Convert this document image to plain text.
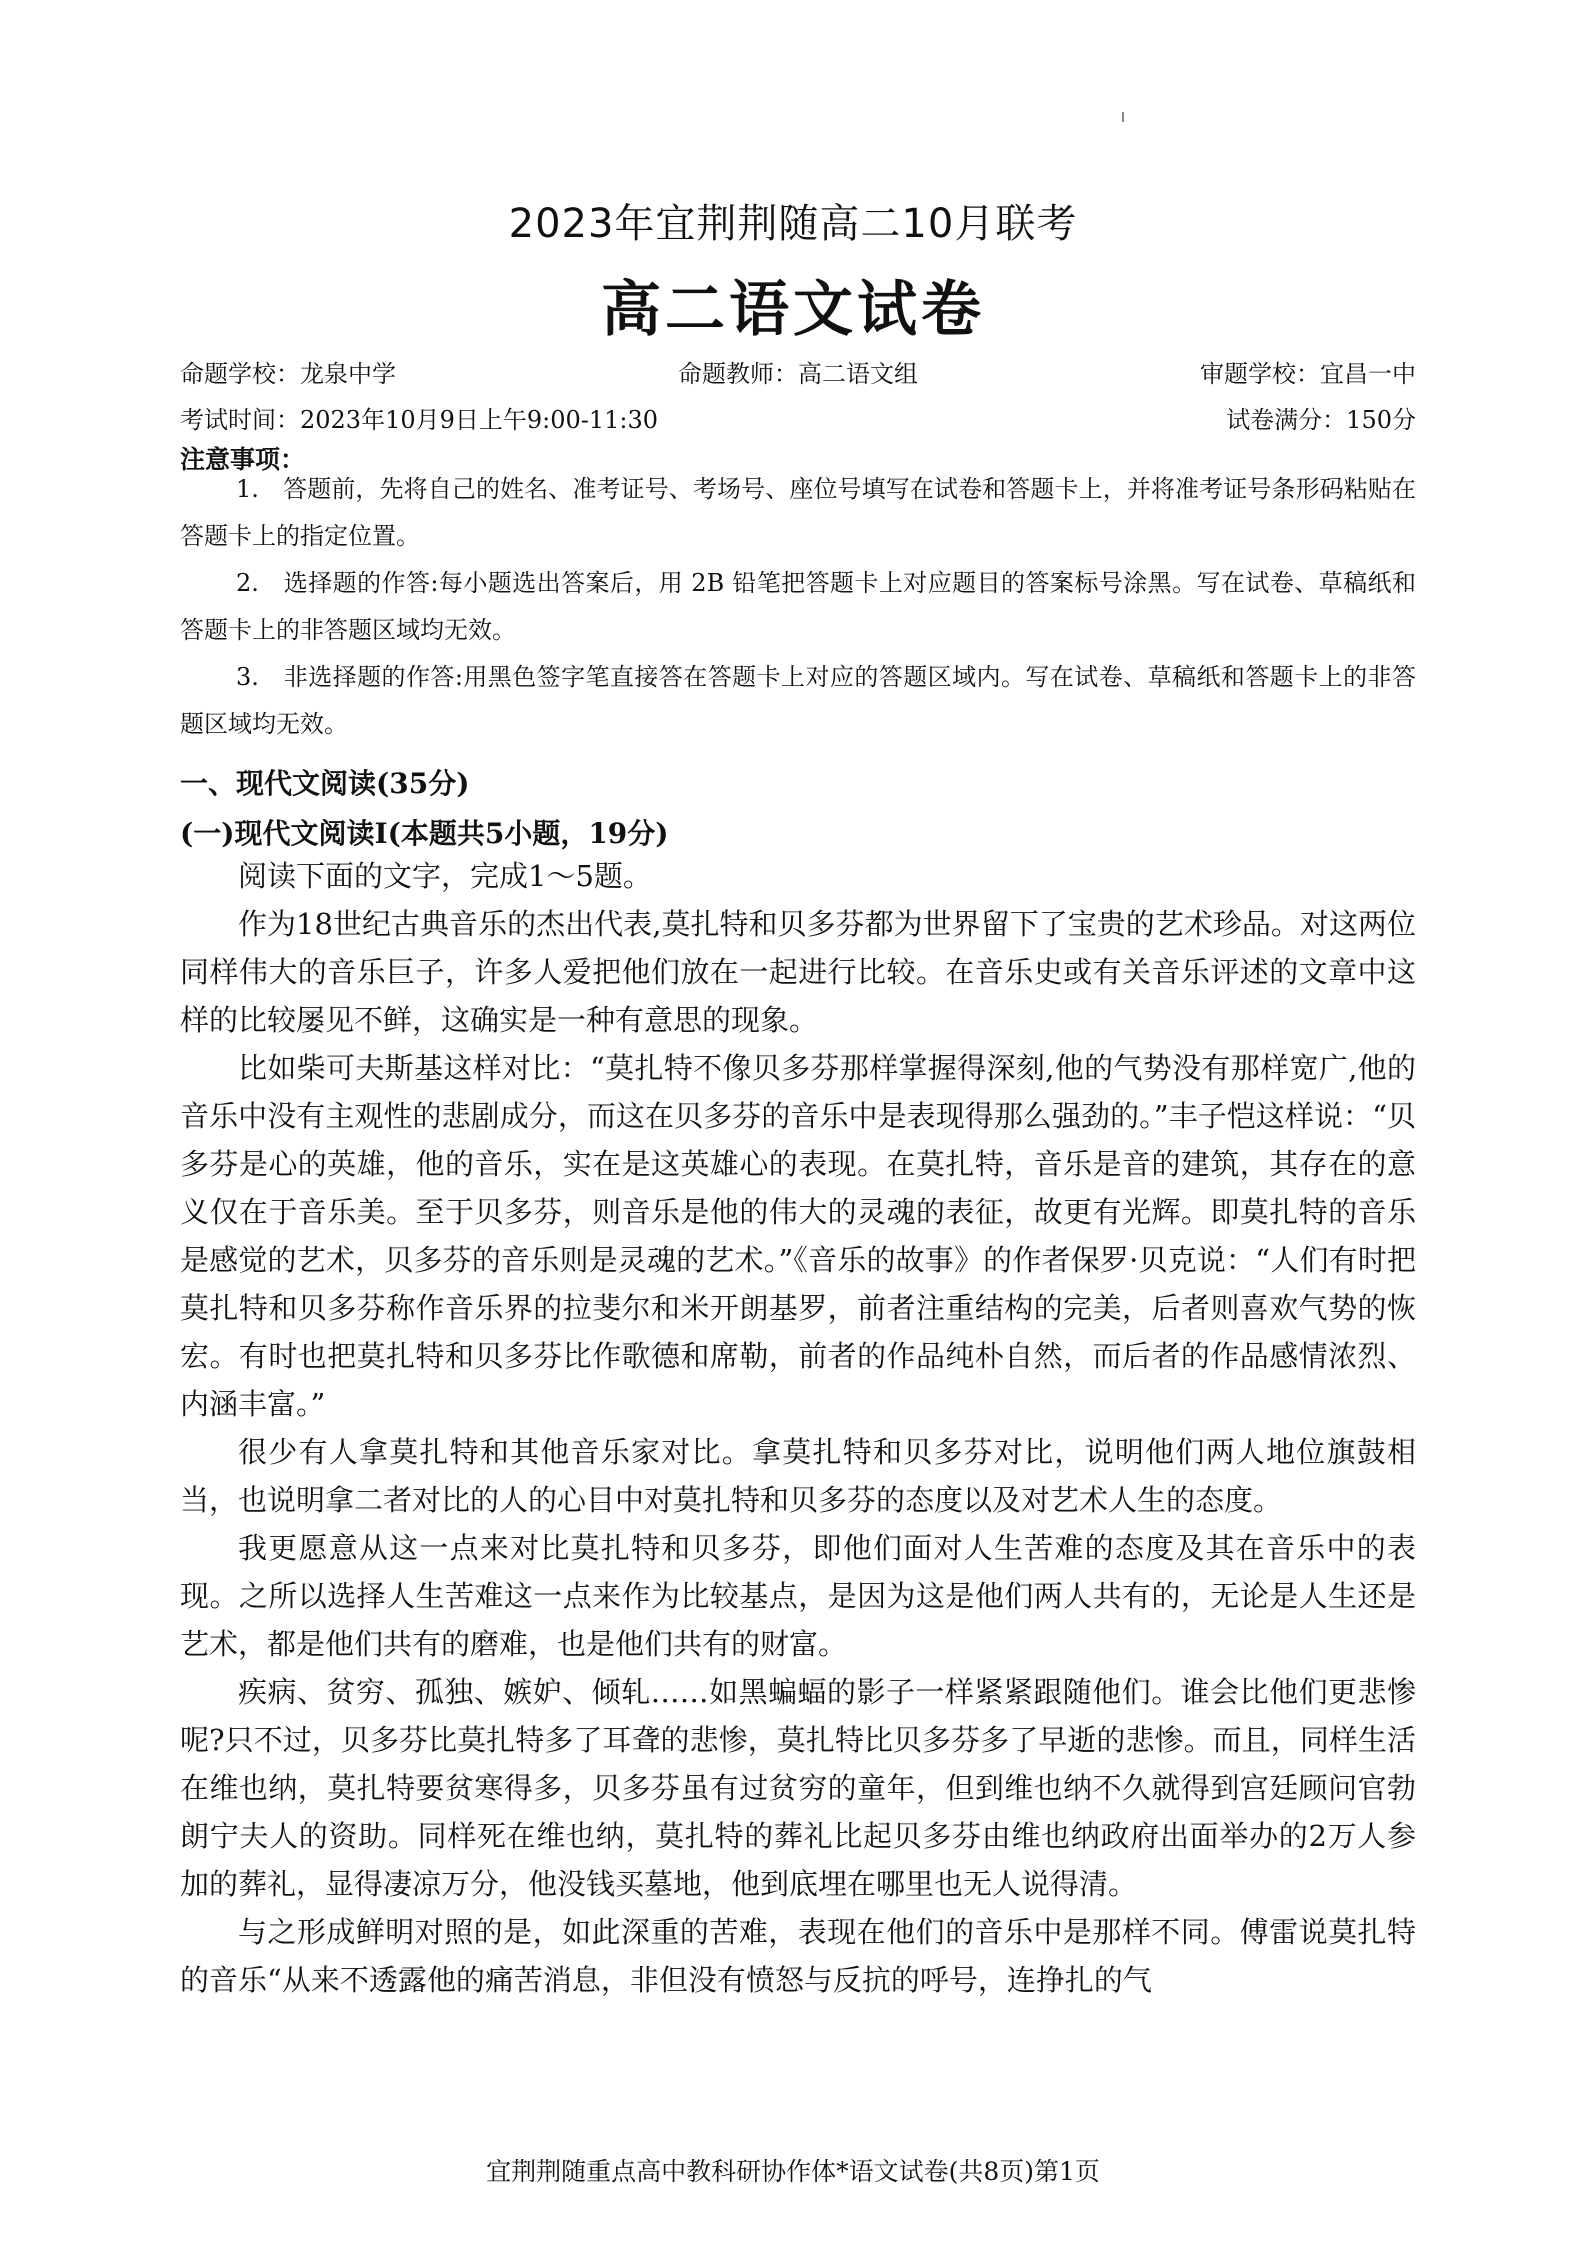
2023年宜荆荆随高二10月联考
高二语文试卷
命题学校：龙泉中学	命题教师：高二语文组	审题学校：宜昌一中
考试时间：2023年10月9日上午9:00-11:30	试卷满分：150分
注意事项：
1.　答题前，先将自己的姓名、准考证号、考场号、座位号填写在试卷和答题卡上，并将准考证号条形码粘贴在答题卡上的指定位置。
2.　选择题的作答:每小题选出答案后，用 2B 铅笔把答题卡上对应题目的答案标号涂黑。写在试卷、草稿纸和答题卡上的非答题区域均无效。
3.　非选择题的作答:用黑色签字笔直接答在答题卡上对应的答题区域内。写在试卷、草稿纸和答题卡上的非答题区域均无效。
一、现代文阅读(35分)
(一)现代文阅读Ⅰ(本题共5小题，19分)

阅读下面的文字，完成1～5题。

作为18世纪古典音乐的杰出代表,莫扎特和贝多芬都为世界留下了宝贵的艺术珍品。对这两位同样伟大的音乐巨子，许多人爱把他们放在一起进行比较。在音乐史或有关音乐评述的文章中这样的比较屡见不鲜，这确实是一种有意思的现象。

比如柴可夫斯基这样对比：“莫扎特不像贝多芬那样掌握得深刻,他的气势没有那样宽广,他的音乐中没有主观性的悲剧成分，而这在贝多芬的音乐中是表现得那么强劲的。”丰子恺这样说：“贝多芬是心的英雄，他的音乐，实在是这英雄心的表现。在莫扎特，音乐是音的建筑，其存在的意义仅在于音乐美。至于贝多芬，则音乐是他的伟大的灵魂的表征，故更有光辉。即莫扎特的音乐是感觉的艺术，贝多芬的音乐则是灵魂的艺术。”《音乐的故事》的作者保罗·贝克说：“人们有时把莫扎特和贝多芬称作音乐界的拉斐尔和米开朗基罗，前者注重结构的完美，后者则喜欢气势的恢宏。有时也把莫扎特和贝多芬比作歌德和席勒，前者的作品纯朴自然，而后者的作品感情浓烈、内涵丰富。”

很少有人拿莫扎特和其他音乐家对比。拿莫扎特和贝多芬对比，说明他们两人地位旗鼓相当，也说明拿二者对比的人的心目中对莫扎特和贝多芬的态度以及对艺术人生的态度。

我更愿意从这一点来对比莫扎特和贝多芬，即他们面对人生苦难的态度及其在音乐中的表现。之所以选择人生苦难这一点来作为比较基点，是因为这是他们两人共有的，无论是人生还是艺术，都是他们共有的磨难，也是他们共有的财富。

疾病、贫穷、孤独、嫉妒、倾轧……如黑蝙蝠的影子一样紧紧跟随他们。谁会比他们更悲惨呢?只不过，贝多芬比莫扎特多了耳聋的悲惨，莫扎特比贝多芬多了早逝的悲惨。而且，同样生活在维也纳，莫扎特要贫寒得多，贝多芬虽有过贫穷的童年，但到维也纳不久就得到宫廷顾问官勃朗宁夫人的资助。同样死在维也纳，莫扎特的葬礼比起贝多芬由维也纳政府出面举办的2万人参加的葬礼，显得凄凉万分，他没钱买墓地，他到底埋在哪里也无人说得清。

与之形成鲜明对照的是，如此深重的苦难，表现在他们的音乐中是那样不同。傅雷说莫扎特的音乐“从来不透露他的痛苦消息，非但没有愤怒与反抗的呼号，连挣扎的气

宜荆荆随重点高中教科研协作体*语文试卷(共8页)第1页
